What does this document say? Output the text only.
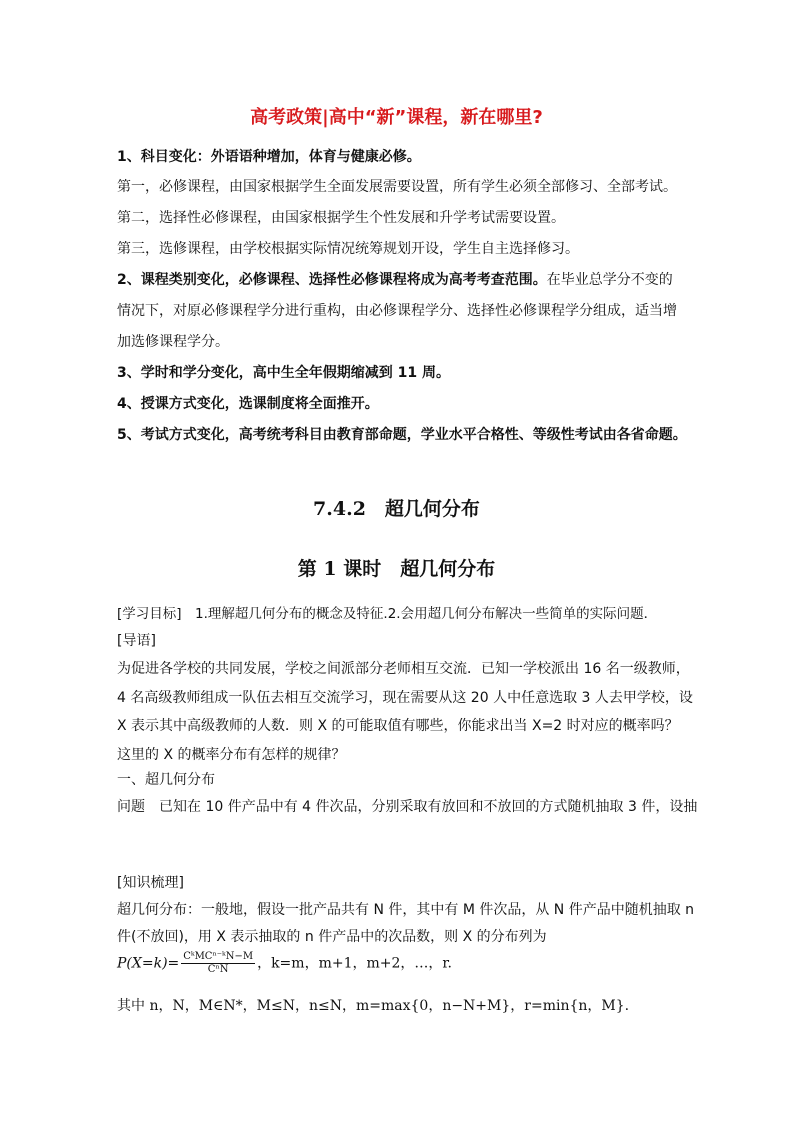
高考政策|高中“新”课程，新在哪里?
1、科目变化：外语语种增加，体育与健康必修。
第一，必修课程，由国家根据学生全面发展需要设置，所有学生必须全部修习、全部考试。
第二，选择性必修课程，由国家根据学生个性发展和升学考试需要设置。
第三，选修课程，由学校根据实际情况统筹规划开设，学生自主选择修习。
2、课程类别变化，必修课程、选择性必修课程将成为高考考查范围。在毕业总学分不变的
情况下，对原必修课程学分进行重构，由必修课程学分、选择性必修课程学分组成，适当增
加选修课程学分。
3、学时和学分变化，高中生全年假期缩减到 11 周。
4、授课方式变化，选课制度将全面推开。
5、考试方式变化，高考统考科目由教育部命题，学业水平合格性、等级性考试由各省命题。
7.4.2　超几何分布
第 1 课时　超几何分布
[学习目标]　1.理解超几何分布的概念及特征.2.会用超几何分布解决一些简单的实际问题．
[导语]
为促进各学校的共同发展，学校之间派部分老师相互交流．已知一学校派出 16 名一级教师，
4 名高级教师组成一队伍去相互交流学习，现在需要从这 20 人中任意选取 3 人去甲学校，设
X 表示其中高级教师的人数．则 X 的可能取值有哪些，你能求出当 X=2 时对应的概率吗？
这里的 X 的概率分布有怎样的规律？
一、超几何分布
问题　已知在 10 件产品中有 4 件次品，分别采取有放回和不放回的方式随机抽取 3 件，设抽
[知识梳理]
超几何分布：一般地，假设一批产品共有 N 件，其中有 M 件次品，从 N 件产品中随机抽取 n
件(不放回)，用 X 表示抽取的 n 件产品中的次品数，则 X 的分布列为
$P(X=k)= \frac{\text{CᵏMCⁿ⁻ᵏN−M}}{\text{CⁿN}}$ ，k=m，m+1，m+2，…，r.
其中 n，N，M∈N*，M≤N，n≤N，m=max{0，n−N+M}，r=min{n，M}.
